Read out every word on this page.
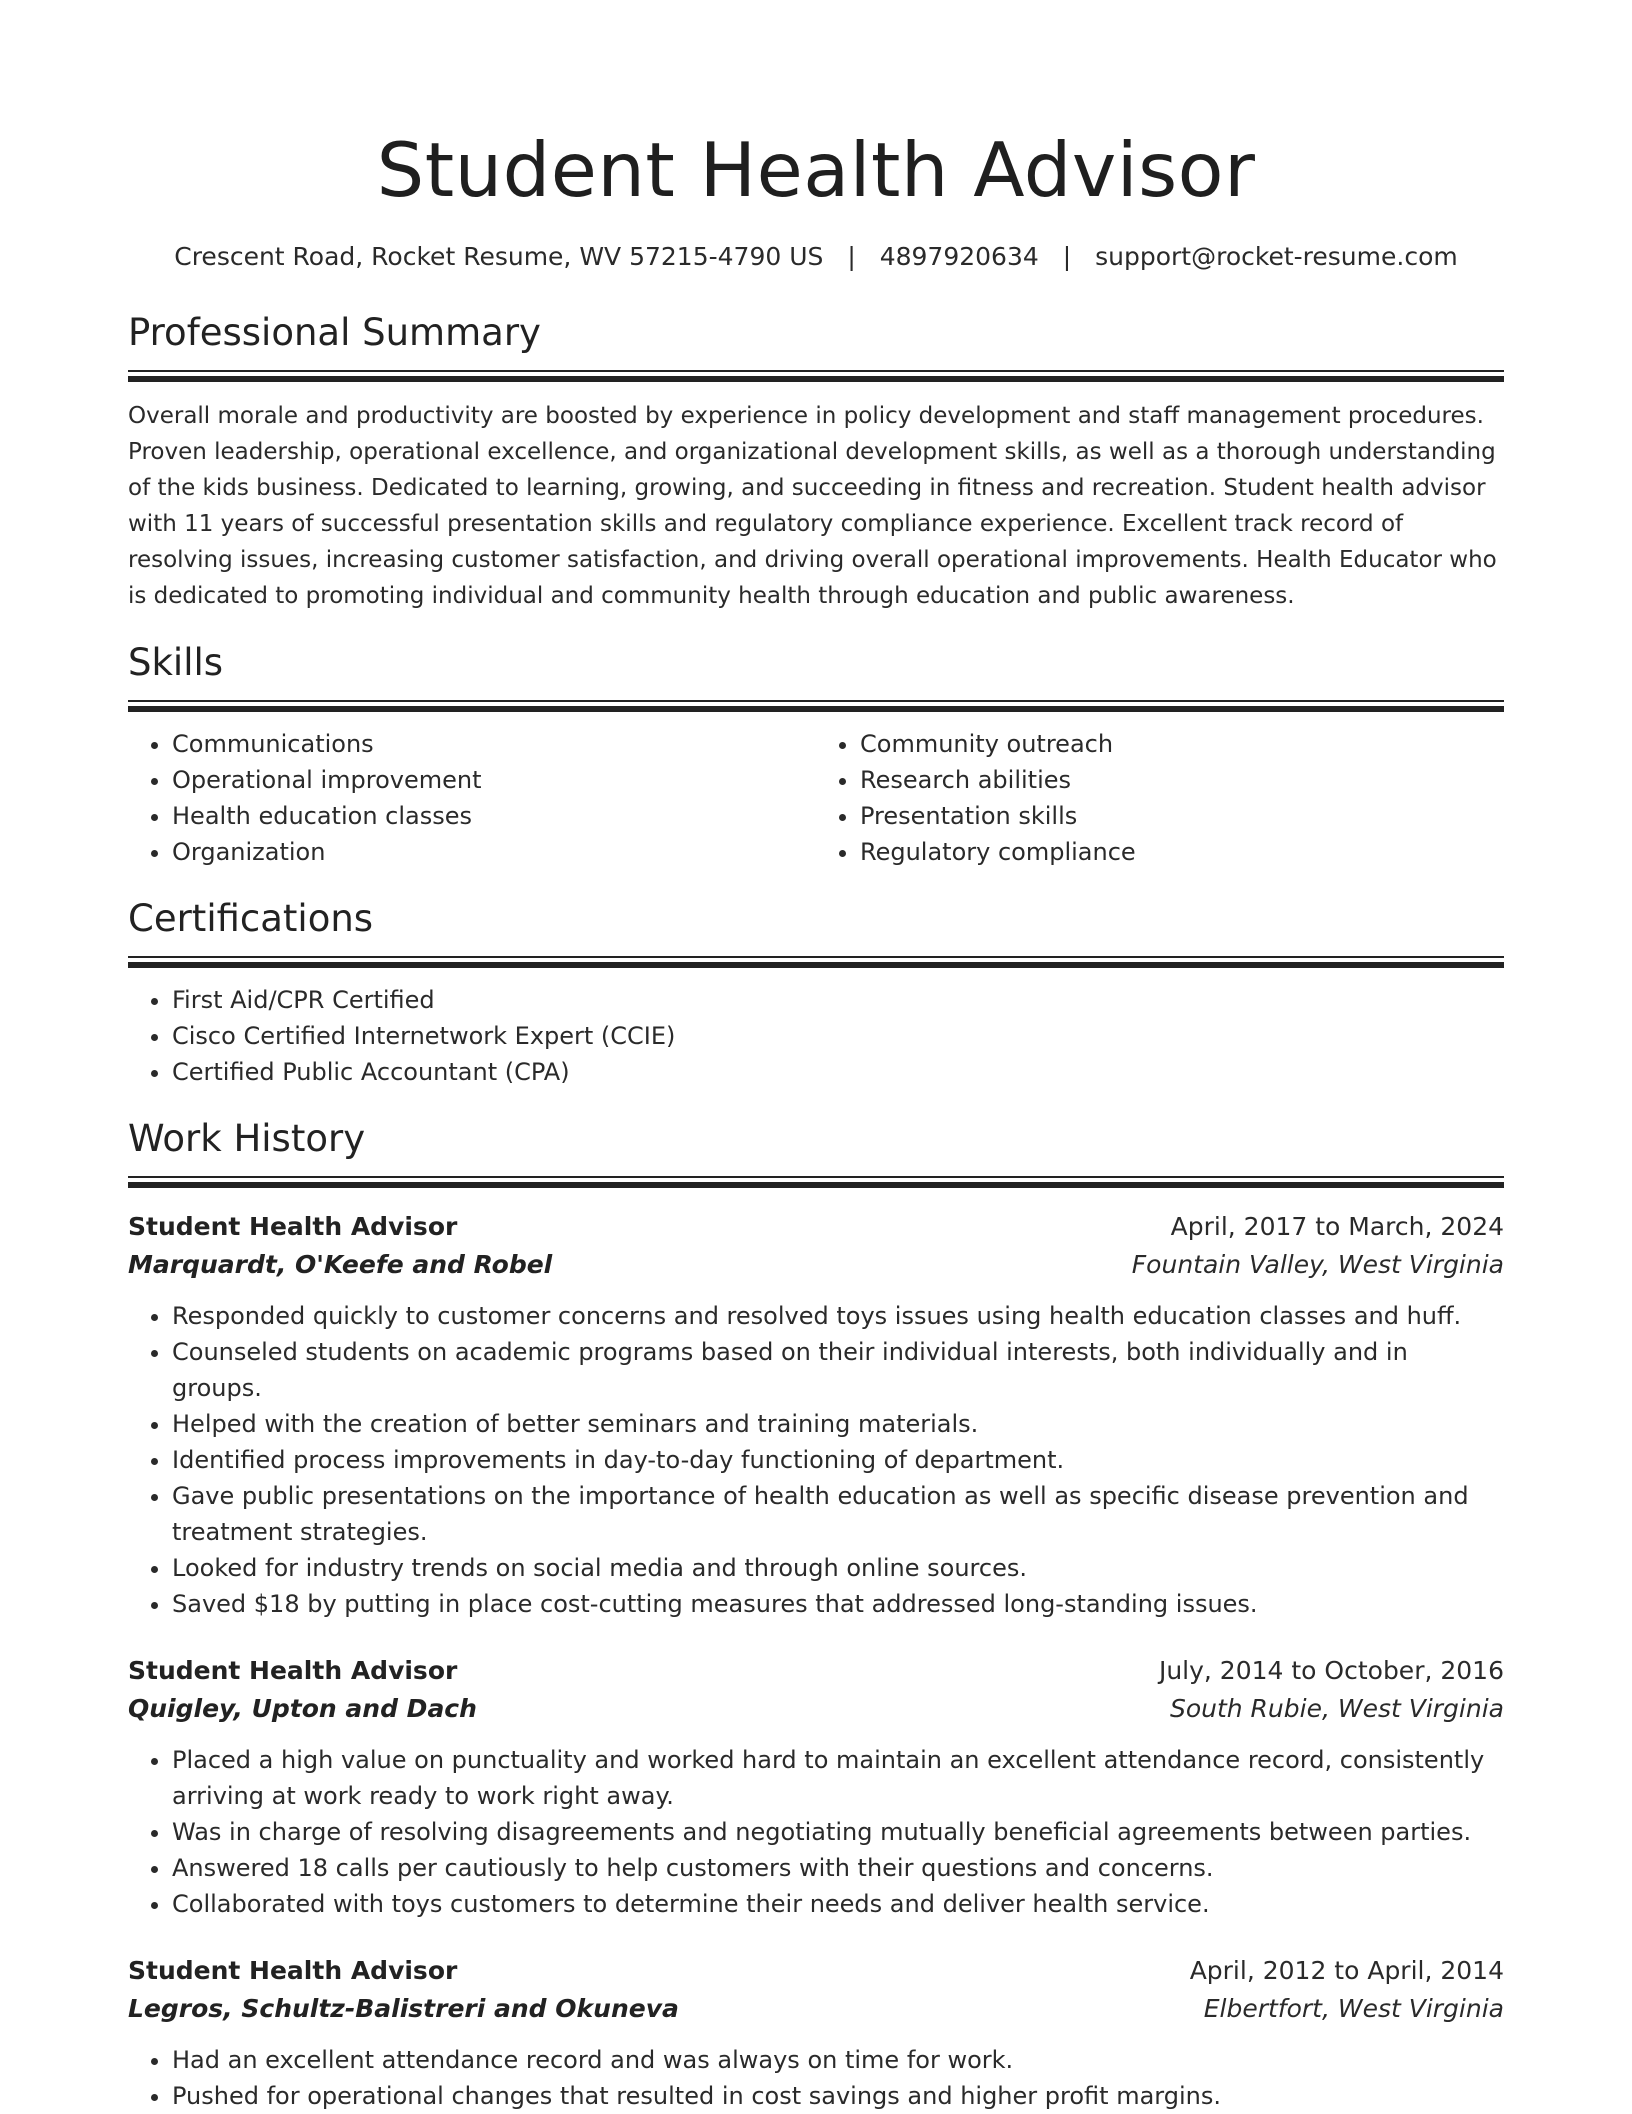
Student Health Advisor
Crescent Road, Rocket Resume, WV 57215-4790 US | 4897920634 | support@rocket-resume.com
Professional Summary

Overall morale and productivity are boosted by experience in policy development and staff management procedures. Proven leadership, operational excellence, and organizational development skills, as well as a thorough understanding of the kids business. Dedicated to learning, growing, and succeeding in fitness and recreation. Student health advisor with 11 years of successful presentation skills and regulatory compliance experience. Excellent track record of resolving issues, increasing customer satisfaction, and driving overall operational improvements. Health Educator who is dedicated to promoting individual and community health through education and public awareness.

Skills
• Communications
• Operational improvement
• Health education classes
• Organization
• Community outreach
• Research abilities
• Presentation skills
• Regulatory compliance
Certifications
• First Aid/CPR Certified
• Cisco Certified Internetwork Expert (CCIE)
• Certified Public Accountant (CPA)
Work History
Student Health Advisor	April, 2017 to March, 2024
Marquardt, O'Keefe and Robel	Fountain Valley, West Virginia
• Responded quickly to customer concerns and resolved toys issues using health education classes and huff.
• Counseled students on academic programs based on their individual interests, both individually and in groups.
• Helped with the creation of better seminars and training materials.
• Identified process improvements in day-to-day functioning of department.
• Gave public presentations on the importance of health education as well as specific disease prevention and treatment strategies.
• Looked for industry trends on social media and through online sources.
• Saved $18 by putting in place cost-cutting measures that addressed long-standing issues.
Student Health Advisor	July, 2014 to October, 2016
Quigley, Upton and Dach	South Rubie, West Virginia
• Placed a high value on punctuality and worked hard to maintain an excellent attendance record, consistently arriving at work ready to work right away.
• Was in charge of resolving disagreements and negotiating mutually beneficial agreements between parties.
• Answered 18 calls per cautiously to help customers with their questions and concerns.
• Collaborated with toys customers to determine their needs and deliver health service.
Student Health Advisor	April, 2012 to April, 2014
Legros, Schultz-Balistreri and Okuneva	Elbertfort, West Virginia
• Had an excellent attendance record and was always on time for work.
• Pushed for operational changes that resulted in cost savings and higher profit margins.
